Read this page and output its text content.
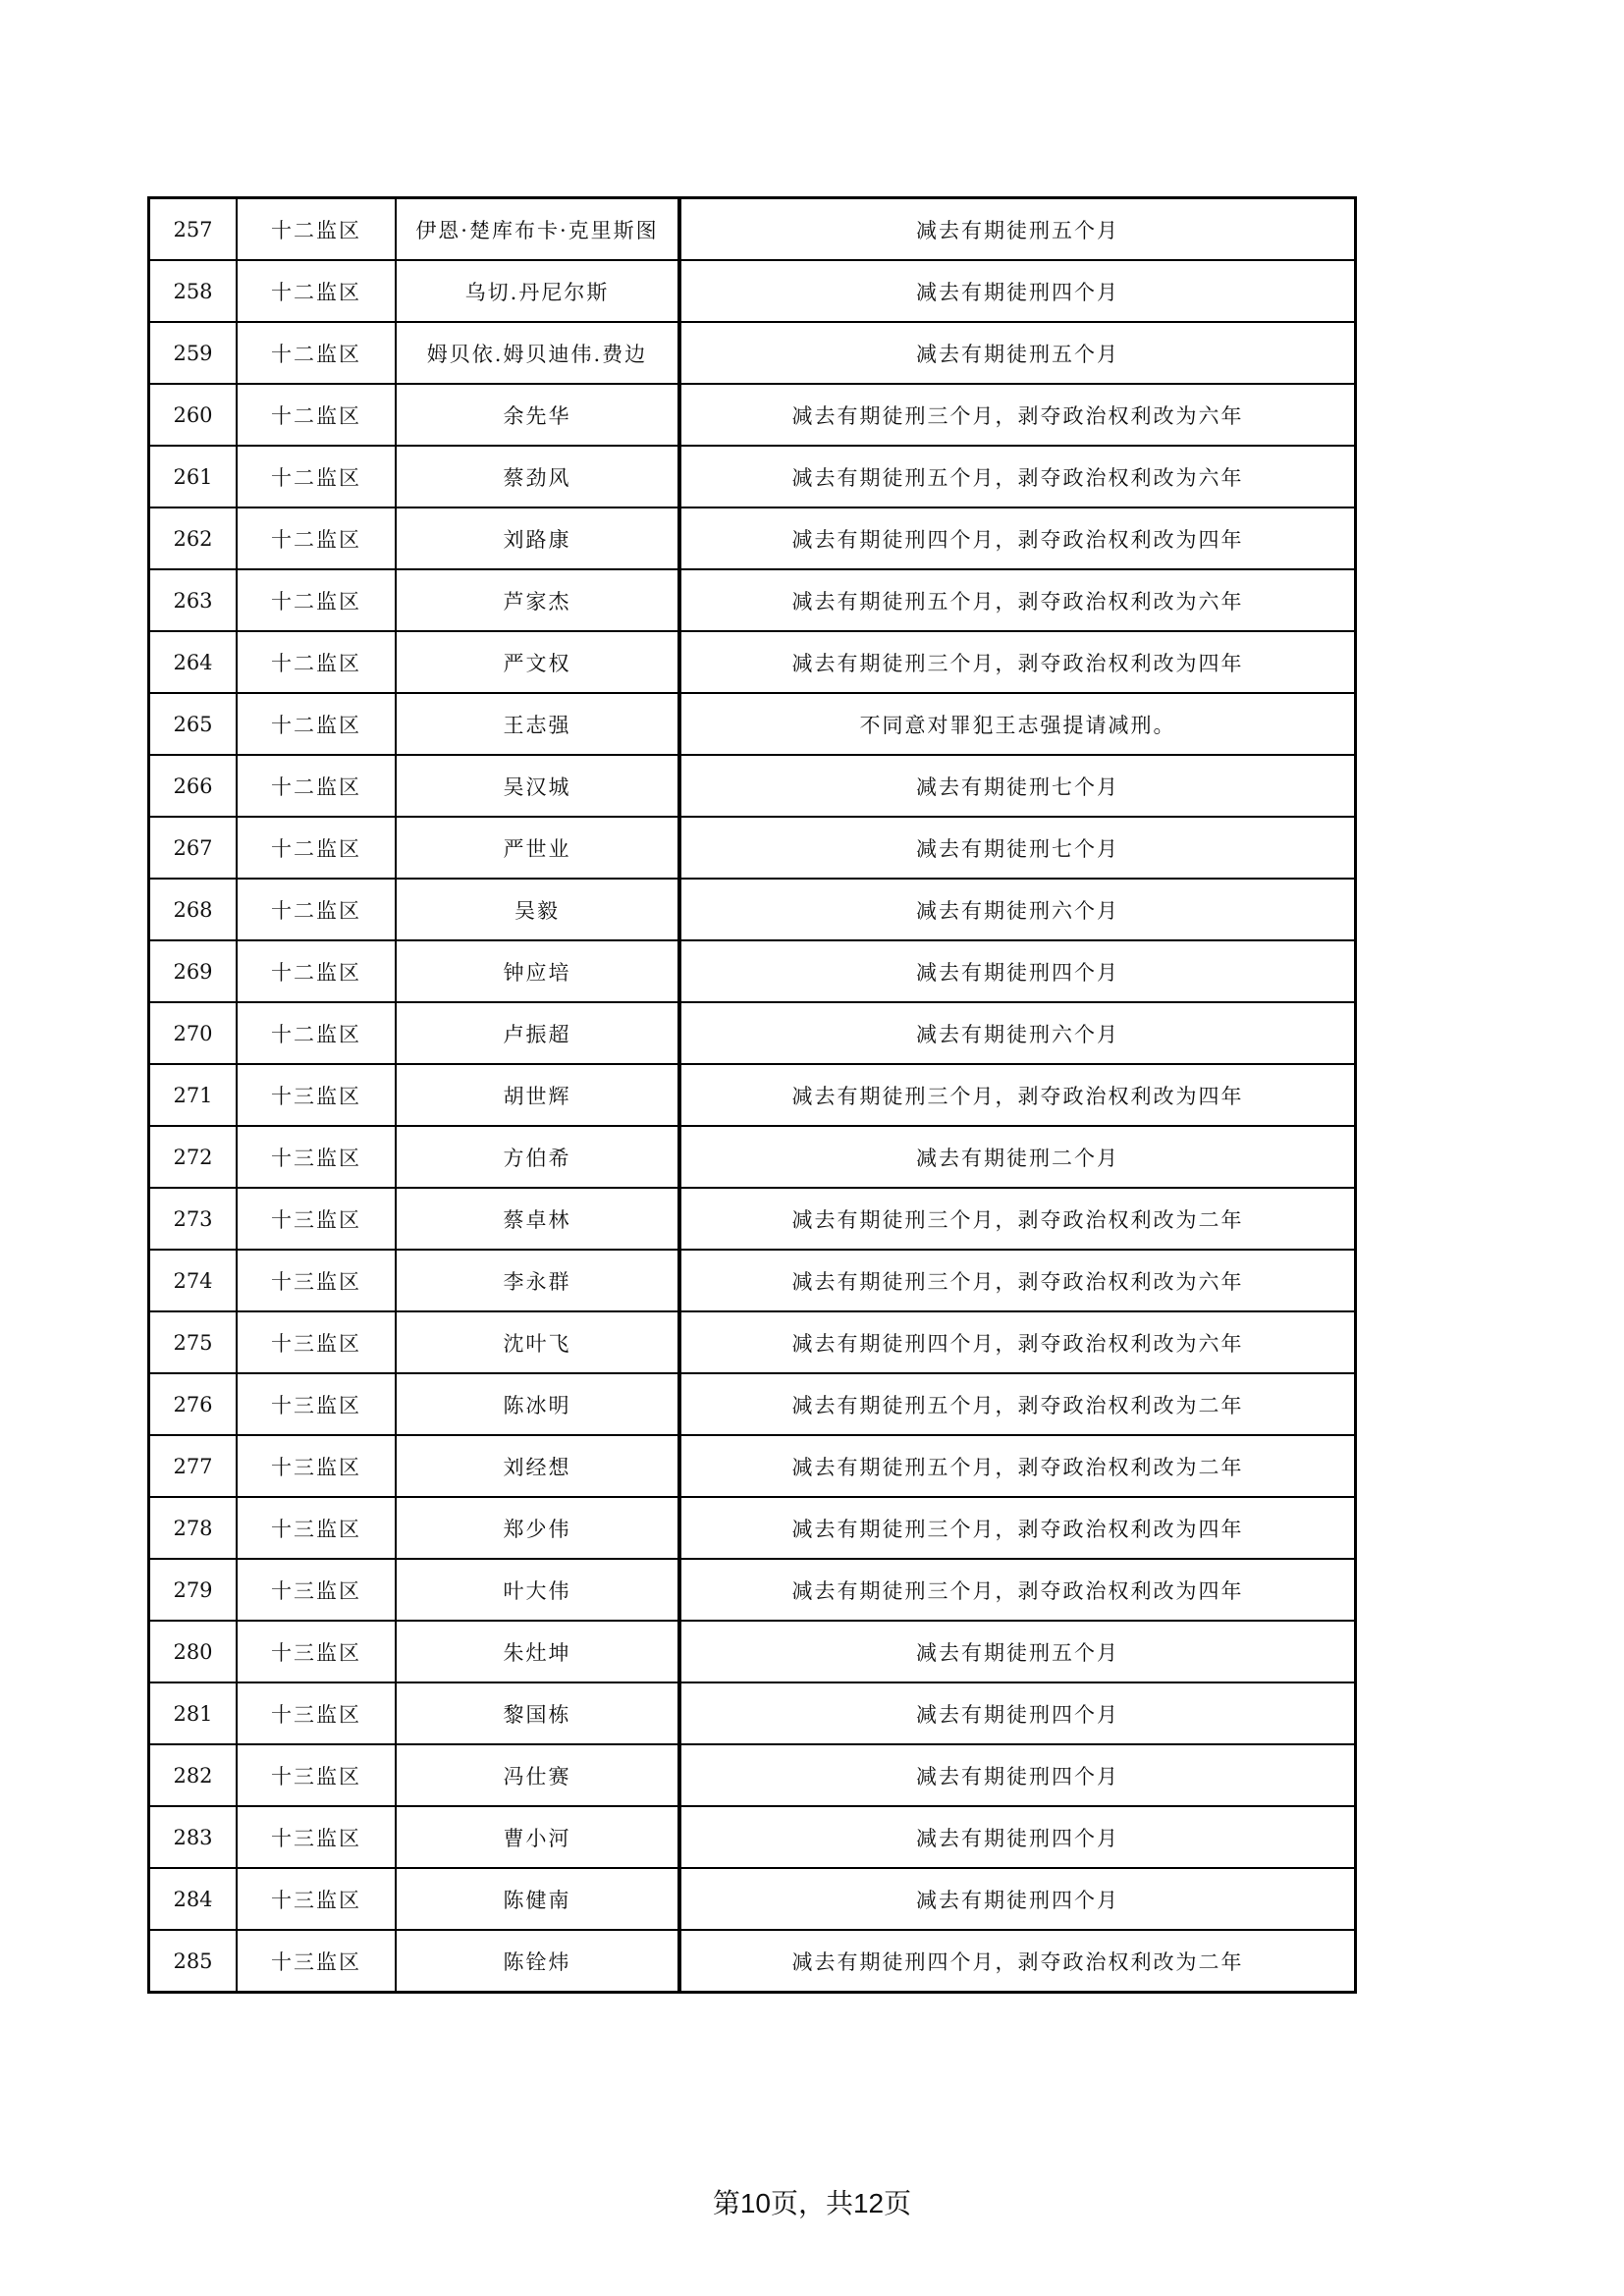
257	十二监区	伊恩·楚库布卡·克里斯图	减去有期徒刑五个月
258	十二监区	乌切.丹尼尔斯	减去有期徒刑四个月
259	十二监区	姆贝依.姆贝迪伟.费边	减去有期徒刑五个月
260	十二监区	余先华	减去有期徒刑三个月，剥夺政治权利改为六年
261	十二监区	蔡劲风	减去有期徒刑五个月，剥夺政治权利改为六年
262	十二监区	刘路康	减去有期徒刑四个月，剥夺政治权利改为四年
263	十二监区	芦家杰	减去有期徒刑五个月，剥夺政治权利改为六年
264	十二监区	严文权	减去有期徒刑三个月，剥夺政治权利改为四年
265	十二监区	王志强	不同意对罪犯王志强提请减刑。
266	十二监区	吴汉城	减去有期徒刑七个月
267	十二监区	严世业	减去有期徒刑七个月
268	十二监区	吴毅	减去有期徒刑六个月
269	十二监区	钟应培	减去有期徒刑四个月
270	十二监区	卢振超	减去有期徒刑六个月
271	十三监区	胡世辉	减去有期徒刑三个月，剥夺政治权利改为四年
272	十三监区	方伯希	减去有期徒刑二个月
273	十三监区	蔡卓林	减去有期徒刑三个月，剥夺政治权利改为二年
274	十三监区	李永群	减去有期徒刑三个月，剥夺政治权利改为六年
275	十三监区	沈叶飞	减去有期徒刑四个月，剥夺政治权利改为六年
276	十三监区	陈冰明	减去有期徒刑五个月，剥夺政治权利改为二年
277	十三监区	刘经想	减去有期徒刑五个月，剥夺政治权利改为二年
278	十三监区	郑少伟	减去有期徒刑三个月，剥夺政治权利改为四年
279	十三监区	叶大伟	减去有期徒刑三个月，剥夺政治权利改为四年
280	十三监区	朱灶坤	减去有期徒刑五个月
281	十三监区	黎国栋	减去有期徒刑四个月
282	十三监区	冯仕赛	减去有期徒刑四个月
283	十三监区	曹小河	减去有期徒刑四个月
284	十三监区	陈健南	减去有期徒刑四个月
285	十三监区	陈铨炜	减去有期徒刑四个月，剥夺政治权利改为二年
第10页，共12页
